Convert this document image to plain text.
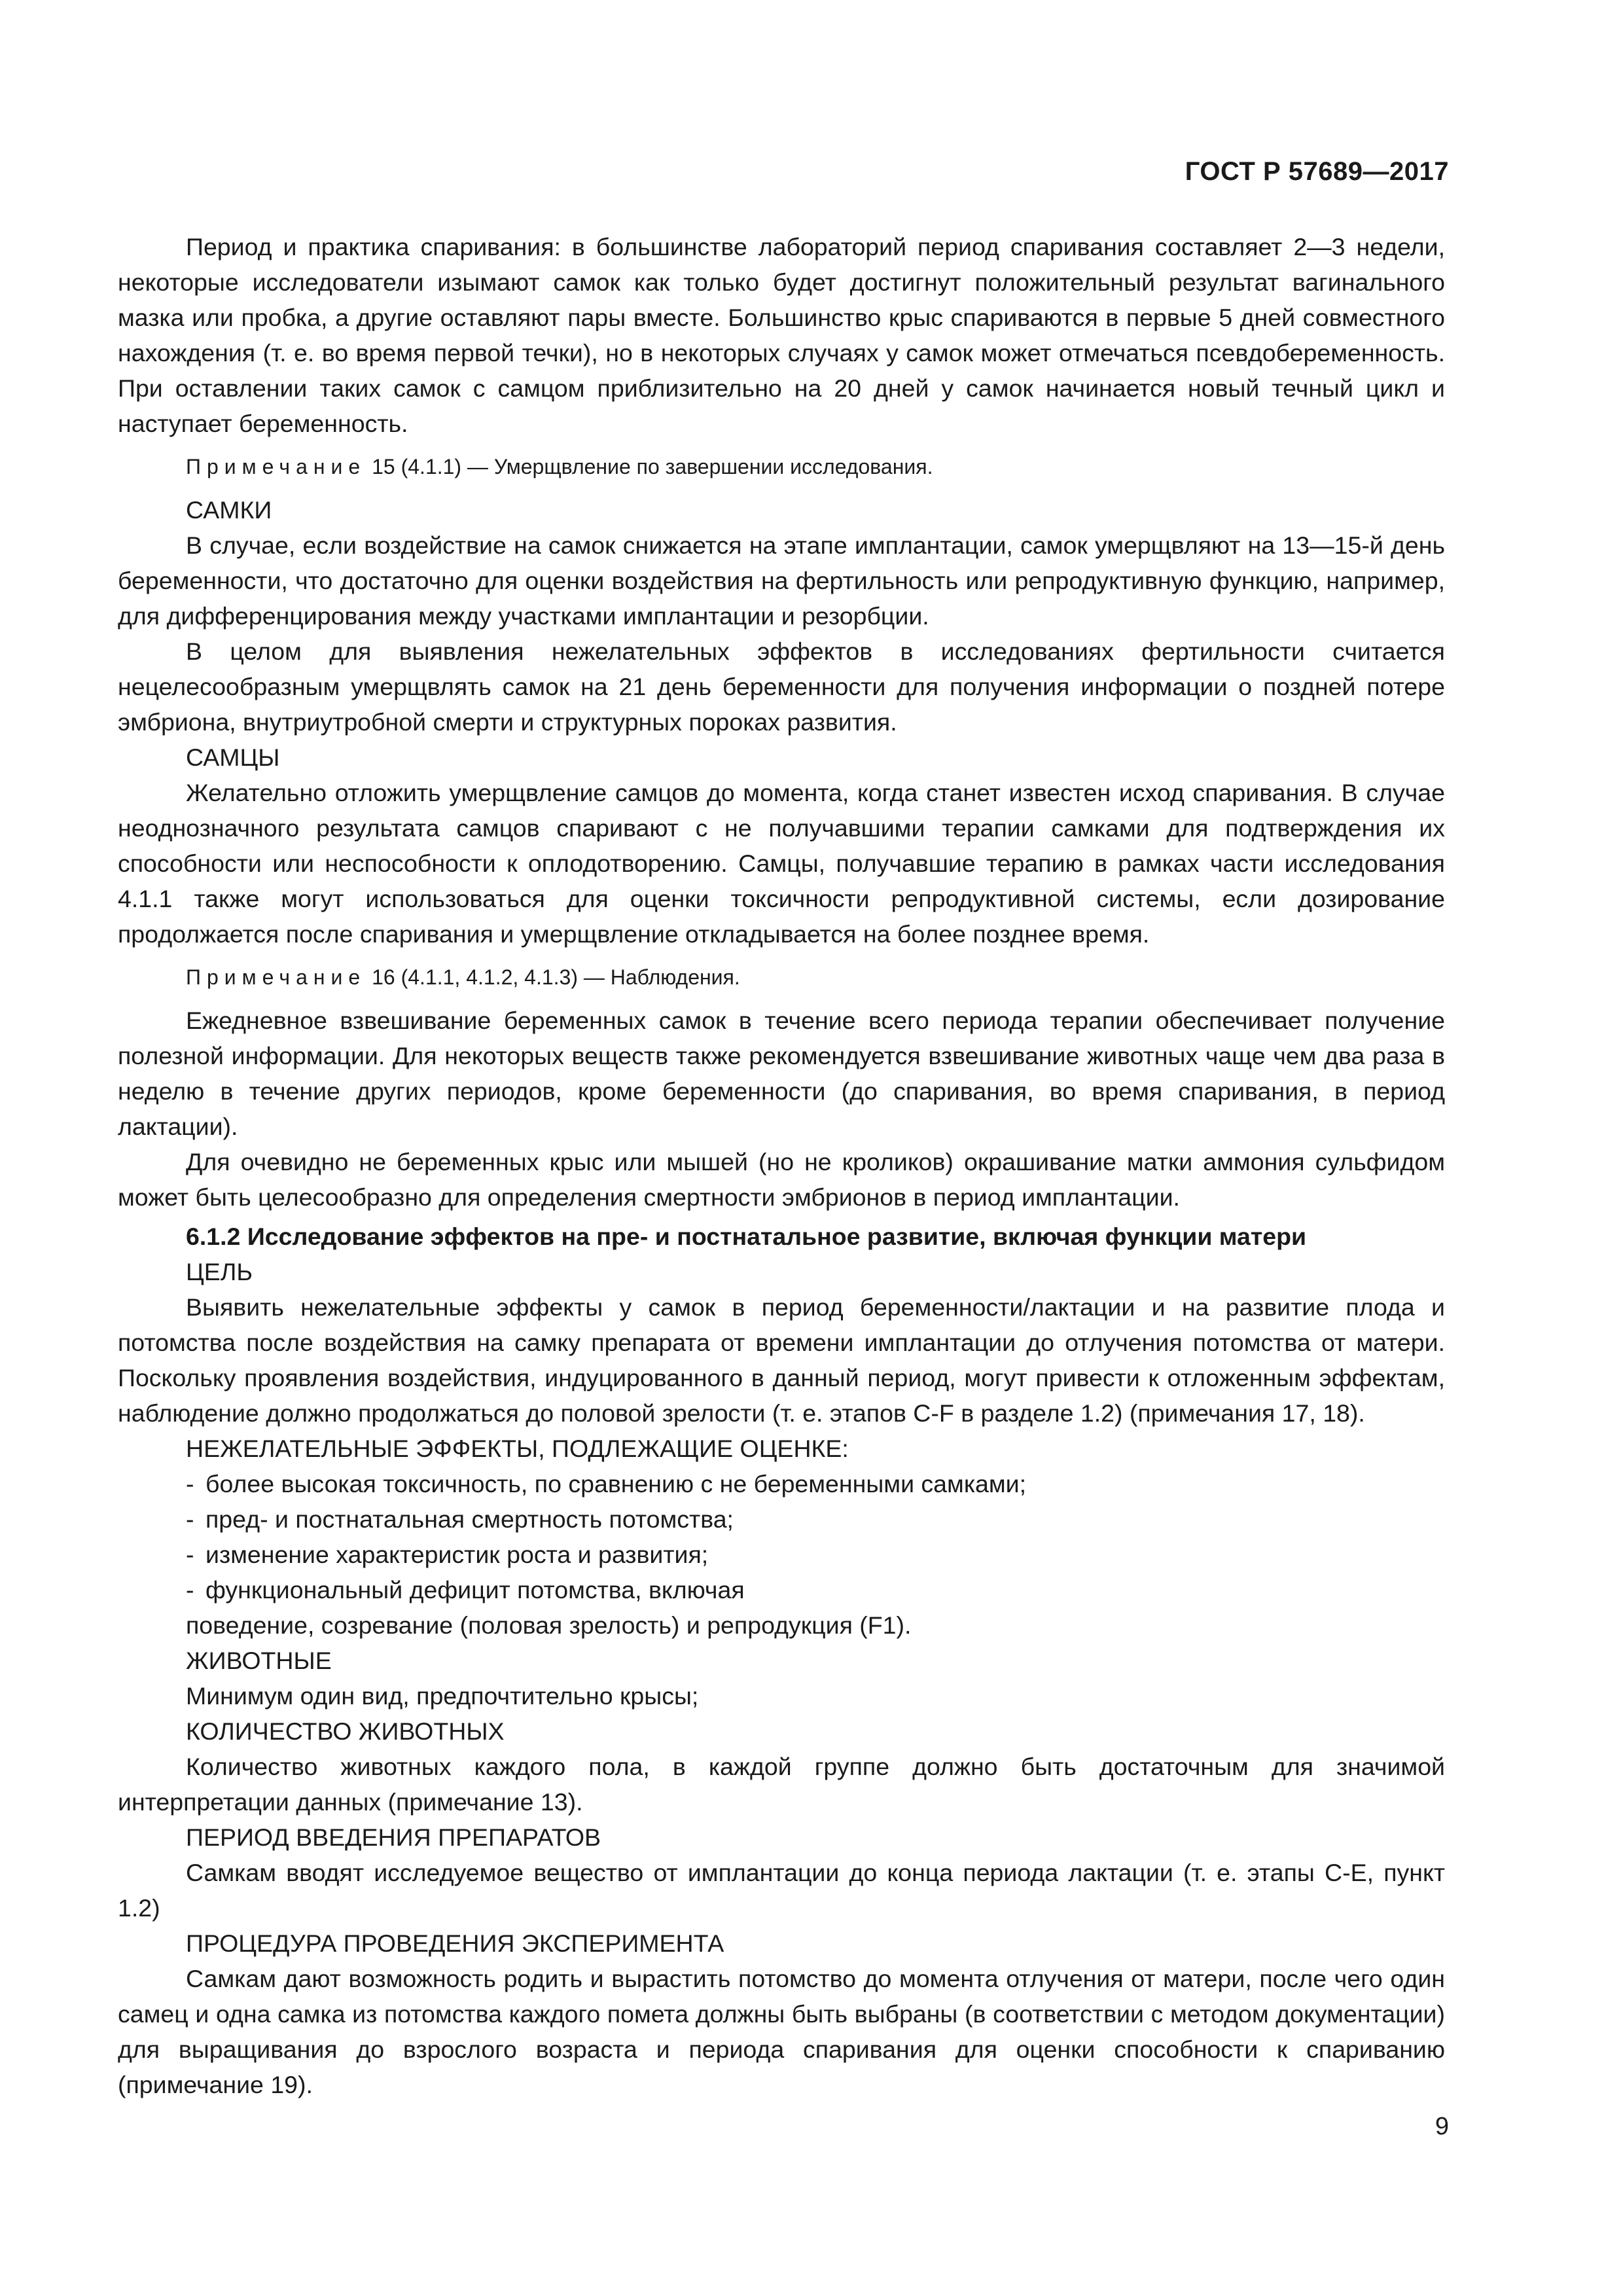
ГОСТ Р 57689—2017

Период и практика спаривания: в большинстве лабораторий период спаривания составляет 2—3 недели, некоторые исследователи изымают самок как только будет достигнут положительный результат вагинального мазка или пробка, а другие оставляют пары вместе. Большинство крыс спариваются в первые 5 дней совместного нахождения (т. е. во время первой течки), но в некоторых случаях у самок может отмечаться псевдобеременность. При оставлении таких самок с самцом приблизительно на 20 дней у самок начинается новый течный цикл и наступает беременность.

Примечание 15 (4.1.1) — Умерщвление по завершении исследования.

САМКИ

В случае, если воздействие на самок снижается на этапе имплантации, самок умерщвляют на 13—15-й день беременности, что достаточно для оценки воздействия на фертильность или репродуктивную функцию, например, для дифференцирования между участками имплантации и резорбции.

В целом для выявления нежелательных эффектов в исследованиях фертильности считается нецелесообразным умерщвлять самок на 21 день беременности для получения информации о поздней потере эмбриона, внутриутробной смерти и структурных пороках развития.

САМЦЫ

Желательно отложить умерщвление самцов до момента, когда станет известен исход спаривания. В случае неоднозначного результата самцов спаривают с не получавшими терапии самками для подтверждения их способности или неспособности к оплодотворению. Самцы, получавшие терапию в рамках части исследования 4.1.1 также могут использоваться для оценки токсичности репродуктивной системы, если дозирование продолжается после спаривания и умерщвление откладывается на более позднее время.

Примечание 16 (4.1.1, 4.1.2, 4.1.3) — Наблюдения.

Ежедневное взвешивание беременных самок в течение всего периода терапии обеспечивает получение полезной информации. Для некоторых веществ также рекомендуется взвешивание животных чаще чем два раза в неделю в течение других периодов, кроме беременности (до спаривания, во время спаривания, в период лактации).

Для очевидно не беременных крыс или мышей (но не кроликов) окрашивание матки аммония сульфидом может быть целесообразно для определения смертности эмбрионов в период имплантации.

6.1.2 Исследование эффектов на пре- и постнатальное развитие, включая функции матери

ЦЕЛЬ

Выявить нежелательные эффекты у самок в период беременности/лактации и на развитие плода и потомства после воздействия на самку препарата от времени имплантации до отлучения потомства от матери. Поскольку проявления воздействия, индуцированного в данный период, могут привести к отложенным эффектам, наблюдение должно продолжаться до половой зрелости (т. е. этапов C-F в разделе 1.2) (примечания 17, 18).

НЕЖЕЛАТЕЛЬНЫЕ ЭФФЕКТЫ, ПОДЛЕЖАЩИЕ ОЦЕНКЕ:

- более высокая токсичность, по сравнению с не беременными самками;
- пред- и постнатальная смертность потомства;
- изменение характеристик роста и развития;
- функциональный дефицит потомства, включая

поведение, созревание (половая зрелость) и репродукция (F1).

ЖИВОТНЫЕ

Минимум один вид, предпочтительно крысы;

КОЛИЧЕСТВО ЖИВОТНЫХ

Количество животных каждого пола, в каждой группе должно быть достаточным для значимой интерпретации данных (примечание 13).

ПЕРИОД ВВЕДЕНИЯ ПРЕПАРАТОВ

Самкам вводят исследуемое вещество от имплантации до конца периода лактации (т. е. этапы С-Е, пункт 1.2)

ПРОЦЕДУРА ПРОВЕДЕНИЯ ЭКСПЕРИМЕНТА

Самкам дают возможность родить и вырастить потомство до момента отлучения от матери, после чего один самец и одна самка из потомства каждого помета должны быть выбраны (в соответствии с методом документации) для выращивания до взрослого возраста и периода спаривания для оценки способности к спариванию (примечание 19).

9
